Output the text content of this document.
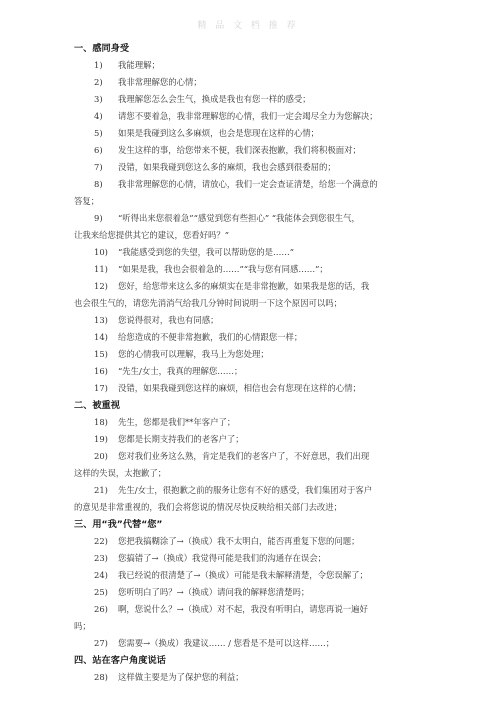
精 品 文 档 推 荐
一、感同身受
1) 我能理解；
2) 我非常理解您的心情；
3) 我理解您怎么会生气，换成是我也有您一样的感受；
4) 请您不要着急，我非常理解您的心情，我们一定会竭尽全力为您解决；
5) 如果是我碰到这么多麻烦，也会是您现在这样的心情；
6) 发生这样的事，给您带来不便，我们深表抱歉，我们将积极面对；
7) 没错，如果我碰到您这么多的麻烦，我也会感到很委屈的；
8) 我非常理解您的心情，请放心，我们一定会查证清楚，给您一个满意的
答复；
9) “听得出来您很着急”“感觉到您有些担心” “我能体会到您很生气，
让我来给您提供其它的建议，您看好吗？”
10) “我能感受到您的失望，我可以帮助您的是……”
11) “如果是我，我也会很着急的……”“我与您有同感……”；
12) 您好，给您带来这么多的麻烦实在是非常抱歉，如果我是您的话，我
也会很生气的，请您先消消气给我几分钟时间说明一下这个原因可以吗；
13) 您说得很对，我也有同感；
14) 给您造成的不便非常抱歉，我们的心情跟您一样；
15) 您的心情我可以理解，我马上为您处理；
16) “先生/女士，我真的理解您……；
17) 没错，如果我碰到您这样的麻烦，相信也会有您现在这样的心情；
二、被重视
18) 先生，您都是我们**年客户了；
19) 您都是长期支持我们的老客户了；
20) 您对我们业务这么熟，肯定是我们的老客户了，不好意思，我们出现
这样的失误，太抱歉了；
21) 先生/女士，很抱歉之前的服务让您有不好的感受，我们集团对于客户
的意见是非常重视的，我们会将您说的情况尽快反映给相关部门去改进；
三、用“我”代替“您”
22) 您把我搞糊涂了→（换成）我不太明白，能否再重复下您的问题；
23) 您搞错了→（换成）我觉得可能是我们的沟通存在误会；
24) 我已经说的很清楚了→（换成）可能是我未解释清楚，令您误解了；
25) 您听明白了吗？→（换成）请问我的解释您清楚吗；
26) 啊，您说什么？→（换成）对不起，我没有听明白，请您再说一遍好
吗；
27) 您需要→（换成）我建议…… / 您看是不是可以这样……；
四、站在客户角度说话
28) 这样做主要是为了保护您的利益；
